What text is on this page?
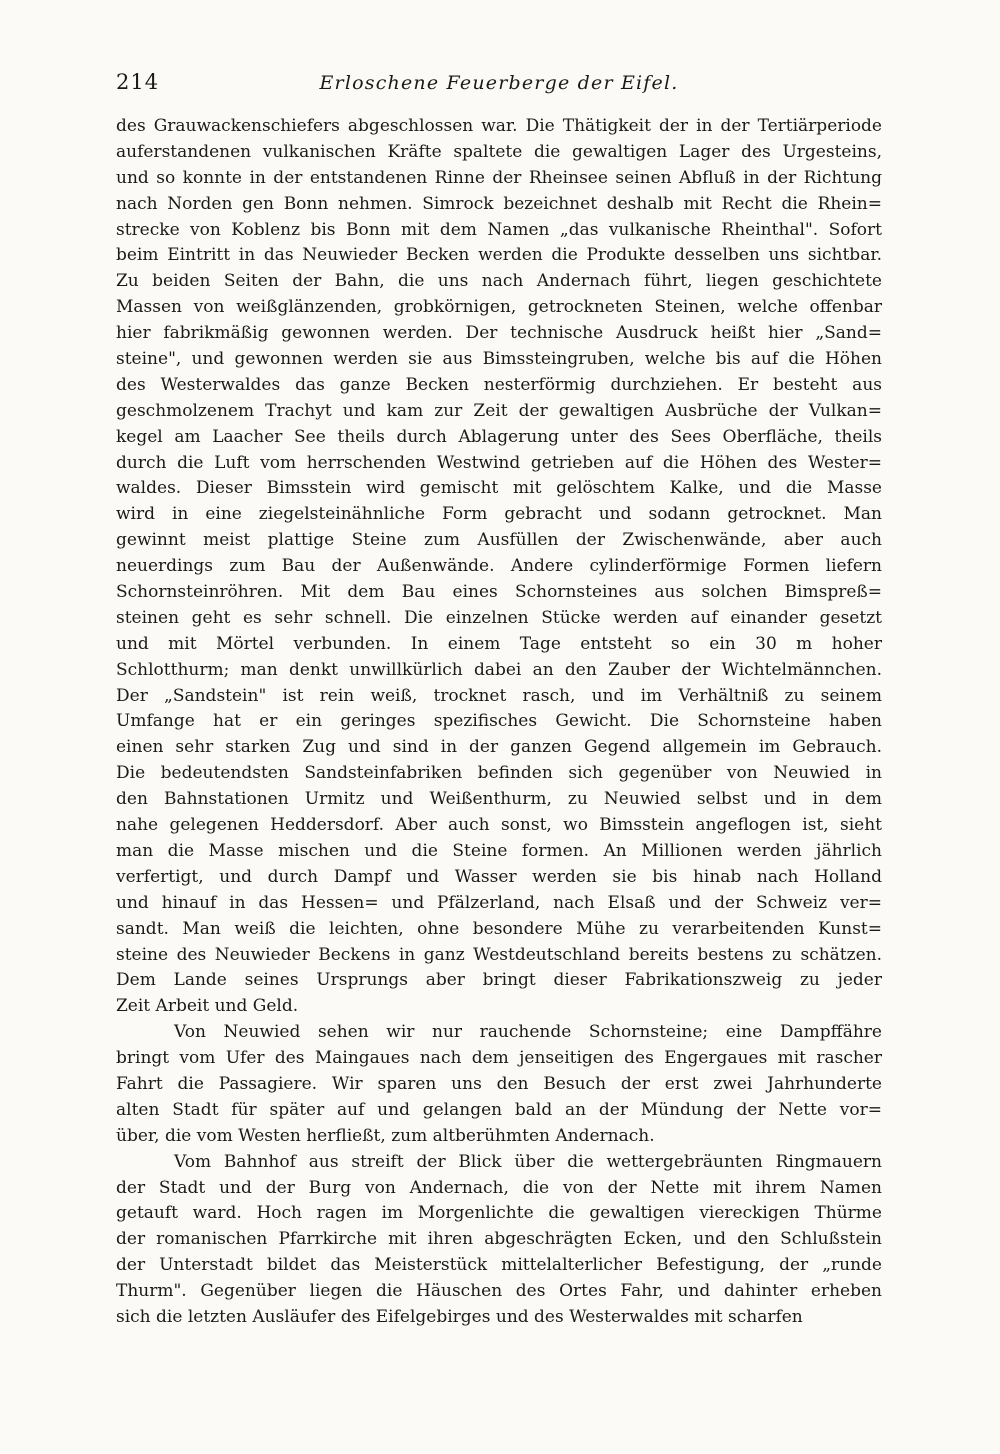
214	Erloschene Feuerberge der Eifel.
des Grauwackenschiefers abgeschlossen war. Die Thätigkeit der in der Tertiärperiode
auferstandenen vulkanischen Kräfte spaltete die gewaltigen Lager des Urgesteins,
und so konnte in der entstandenen Rinne der Rheinsee seinen Abfluß in der Richtung
nach Norden gen Bonn nehmen. Simrock bezeichnet deshalb mit Recht die Rhein=
strecke von Koblenz bis Bonn mit dem Namen „das vulkanische Rheinthal". Sofort
beim Eintritt in das Neuwieder Becken werden die Produkte desselben uns sichtbar.
Zu beiden Seiten der Bahn, die uns nach Andernach führt, liegen geschichtete
Massen von weißglänzenden, grobkörnigen, getrockneten Steinen, welche offenbar
hier fabrikmäßig gewonnen werden. Der technische Ausdruck heißt hier „Sand=
steine", und gewonnen werden sie aus Bimssteingruben, welche bis auf die Höhen
des Westerwaldes das ganze Becken nesterförmig durchziehen. Er besteht aus
geschmolzenem Trachyt und kam zur Zeit der gewaltigen Ausbrüche der Vulkan=
kegel am Laacher See theils durch Ablagerung unter des Sees Oberfläche, theils
durch die Luft vom herrschenden Westwind getrieben auf die Höhen des Wester=
waldes. Dieser Bimsstein wird gemischt mit gelöschtem Kalke, und die Masse
wird in eine ziegelsteinähnliche Form gebracht und sodann getrocknet. Man
gewinnt meist plattige Steine zum Ausfüllen der Zwischenwände, aber auch
neuerdings zum Bau der Außenwände. Andere cylinderförmige Formen liefern
Schornsteinröhren. Mit dem Bau eines Schornsteines aus solchen Bimspreß=
steinen geht es sehr schnell. Die einzelnen Stücke werden auf einander gesetzt
und mit Mörtel verbunden. In einem Tage entsteht so ein 30 m hoher
Schlotthurm; man denkt unwillkürlich dabei an den Zauber der Wichtelmännchen.
Der „Sandstein" ist rein weiß, trocknet rasch, und im Verhältniß zu seinem
Umfange hat er ein geringes spezifisches Gewicht. Die Schornsteine haben
einen sehr starken Zug und sind in der ganzen Gegend allgemein im Gebrauch.
Die bedeutendsten Sandsteinfabriken befinden sich gegenüber von Neuwied in
den Bahnstationen Urmitz und Weißenthurm, zu Neuwied selbst und in dem
nahe gelegenen Heddersdorf. Aber auch sonst, wo Bimsstein angeflogen ist, sieht
man die Masse mischen und die Steine formen. An Millionen werden jährlich
verfertigt, und durch Dampf und Wasser werden sie bis hinab nach Holland
und hinauf in das Hessen= und Pfälzerland, nach Elsaß und der Schweiz ver=
sandt. Man weiß die leichten, ohne besondere Mühe zu verarbeitenden Kunst=
steine des Neuwieder Beckens in ganz Westdeutschland bereits bestens zu schätzen.
Dem Lande seines Ursprungs aber bringt dieser Fabrikationszweig zu jeder
Zeit Arbeit und Geld.
Von Neuwied sehen wir nur rauchende Schornsteine; eine Dampffähre
bringt vom Ufer des Maingaues nach dem jenseitigen des Engergaues mit rascher
Fahrt die Passagiere. Wir sparen uns den Besuch der erst zwei Jahrhunderte
alten Stadt für später auf und gelangen bald an der Mündung der Nette vor=
über, die vom Westen herfließt, zum altberühmten Andernach.
Vom Bahnhof aus streift der Blick über die wettergebräunten Ringmauern
der Stadt und der Burg von Andernach, die von der Nette mit ihrem Namen
getauft ward. Hoch ragen im Morgenlichte die gewaltigen viereckigen Thürme
der romanischen Pfarrkirche mit ihren abgeschrägten Ecken, und den Schlußstein
der Unterstadt bildet das Meisterstück mittelalterlicher Befestigung, der „runde
Thurm". Gegenüber liegen die Häuschen des Ortes Fahr, und dahinter erheben
sich die letzten Ausläufer des Eifelgebirges und des Westerwaldes mit scharfen
